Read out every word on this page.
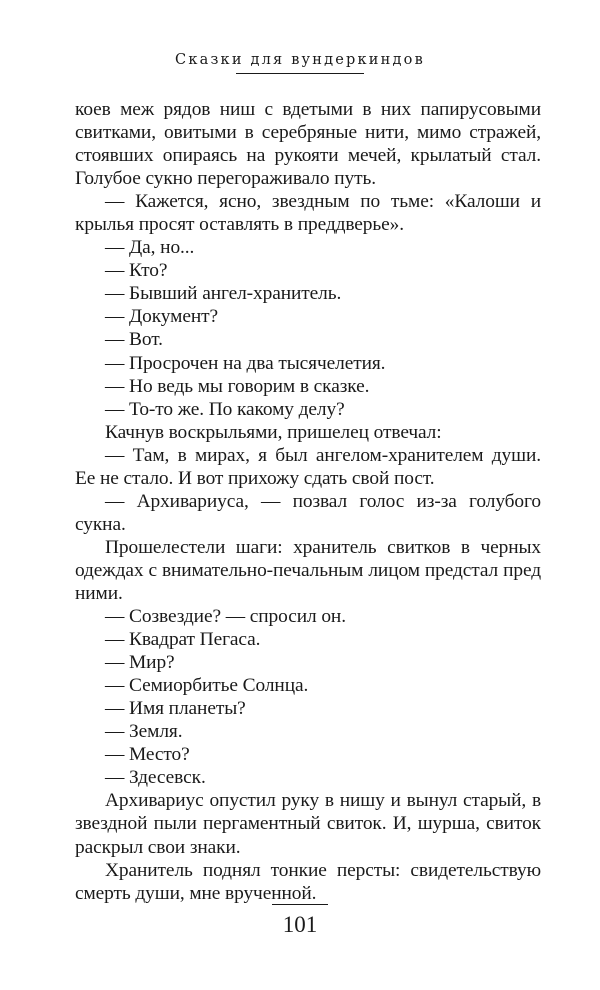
Сказки для вундеркиндов

коев меж рядов ниш с вдетыми в них папирусовыми свитками, овитыми в серебряные нити, мимо стражей, стоявших опираясь на рукояти мечей, крылатый стал. Голубое сукно перегораживало путь.

— Кажется, ясно, звездным по тьме: «Калоши и крылья просят оставлять в преддверье».

— Да, но...

— Кто?

— Бывший ангел-хранитель.

— Документ?

— Вот.

— Просрочен на два тысячелетия.

— Но ведь мы говорим в сказке.

— То-то же. По какому делу?

Качнув воскрыльями, пришелец отвечал:

— Там, в мирах, я был ангелом-хранителем души. Ее не стало. И вот прихожу сдать свой пост.

— Архивариуса, — позвал голос из-за голубого сукна.

Прошелестели шаги: хранитель свитков в черных одеждах с внимательно-печальным лицом предстал пред ними.

— Созвездие? — спросил он.

— Квадрат Пегаса.

— Мир?

— Семиорбитье Солнца.

— Имя планеты?

— Земля.

— Место?

— Здесевск.

Архивариус опустил руку в нишу и вынул старый, в звездной пыли пергаментный свиток. И, шурша, свиток раскрыл свои знаки.

Хранитель поднял тонкие персты: свидетельствую смерть души, мне врученной.

101
